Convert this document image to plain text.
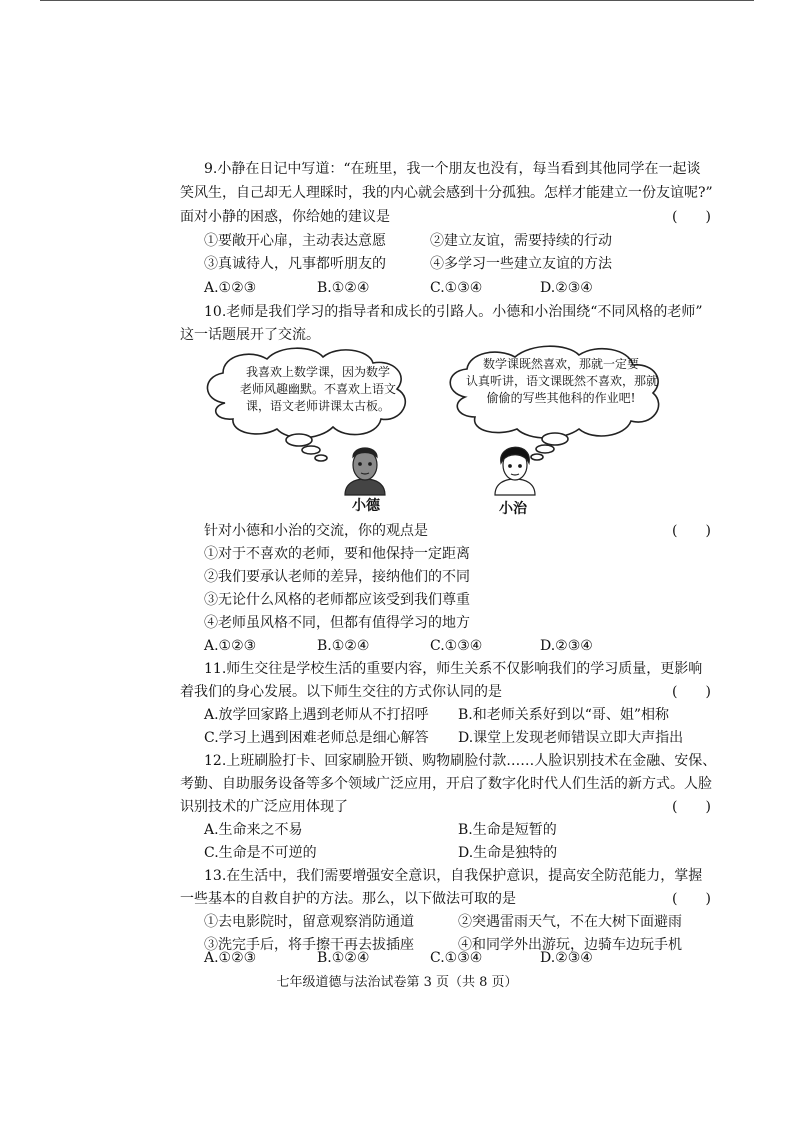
9.小静在日记中写道：“在班里，我一个朋友也没有，每当看到其他同学在一起谈
笑风生，自己却无人理睬时，我的内心就会感到十分孤独。怎样才能建立一份友谊呢?”
面对小静的困惑，你给她的建议是	(　　)
①要敞开心扉，主动表达意愿	②建立友谊，需要持续的行动
③真诚待人，凡事都听朋友的	④多学习一些建立友谊的方法
A.①②③	B.①②④	C.①③④	D.②③④
10.老师是我们学习的指导者和成长的引路人。小德和小治围绕“不同风格的老师”
这一话题展开了交流。
我喜欢上数学课，因为数学
老师风趣幽默。不喜欢上语文
课，语文老师讲课太古板。
数学课既然喜欢，那就一定要
认真听讲，语文课既然不喜欢，那就
偷偷的写些其他科的作业吧!
小德	小治
针对小德和小治的交流，你的观点是	(　　)
①对于不喜欢的老师，要和他保持一定距离
②我们要承认老师的差异，接纳他们的不同
③无论什么风格的老师都应该受到我们尊重
④老师虽风格不同，但都有值得学习的地方
A.①②③	B.①②④	C.①③④	D.②③④
11.师生交往是学校生活的重要内容，师生关系不仅影响我们的学习质量，更影响
着我们的身心发展。以下师生交往的方式你认同的是	(　　)
A.放学回家路上遇到老师从不打招呼 B.和老师关系好到以“哥、姐”相称
C.学习上遇到困难老师总是细心解答 D.课堂上发现老师错误立即大声指出
12.上班刷脸打卡、回家刷脸开锁、购物刷脸付款……人脸识别技术在金融、安保、
考勤、自助服务设备等多个领域广泛应用，开启了数字化时代人们生活的新方式。人脸
识别技术的广泛应用体现了	(　　)
A.生命来之不易	B.生命是短暂的
C.生命是不可逆的	D.生命是独特的
13.在生活中，我们需要增强安全意识，自我保护意识，提高安全防范能力，掌握
一些基本的自救自护的方法。那么，以下做法可取的是	(　　)
①去电影院时，留意观察消防通道	②突遇雷雨天气，不在大树下面避雨
③洗完手后，将手擦干再去拔插座	④和同学外出游玩，边骑车边玩手机
A.①②③	B.①②④	C.①③④	D.②③④
七年级道德与法治试卷第 3 页（共 8 页）
